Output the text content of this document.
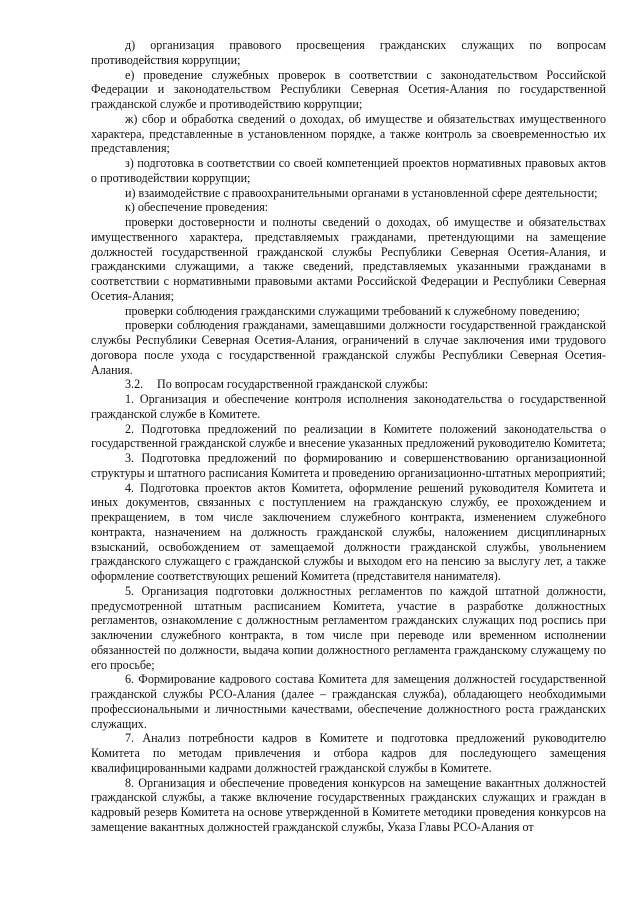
д) организация правового просвещения гражданских служащих по вопросам противодействия коррупции;

е) проведение служебных проверок в соответствии с законодательством Российской Федерации и законодательством Республики Северная Осетия-Алания по государственной гражданской службе и противодействию коррупции;

ж) сбор и обработка сведений о доходах, об имуществе и обязательствах имущественного характера, представленные в установленном порядке, а также контроль за своевременностью их представления;

з) подготовка в соответствии со своей компетенцией проектов нормативных правовых актов о противодействии коррупции;

и) взаимодействие с правоохранительными органами в установленной сфере деятельности;

к) обеспечение проведения:

проверки достоверности и полноты сведений о доходах, об имуществе и обязательствах имущественного характера, представляемых гражданами, претендующими на замещение должностей государственной гражданской службы Республики Северная Осетия-Алания, и гражданскими служащими, а также сведений, представляемых указанными гражданами в соответствии с нормативными правовыми актами Российской Федерации и Республики Северная Осетия-Алания;

проверки соблюдения гражданскими служащими требований к служебному поведению;

проверки соблюдения гражданами, замещавшими должности государственной гражданской службы Республики Северная Осетия-Алания, ограничений в случае заключения ими трудового договора после ухода с государственной гражданской службы Республики Северная Осетия-Алания.

3.2. По вопросам государственной гражданской службы:

1. Организация и обеспечение контроля исполнения законодательства о государственной гражданской службе в Комитете.

2. Подготовка предложений по реализации в Комитете положений законодательства о государственной гражданской службе и внесение указанных предложений руководителю Комитета;

3. Подготовка предложений по формированию и совершенствованию организационной структуры и штатного расписания Комитета и проведению организационно-штатных мероприятий;

4. Подготовка проектов актов Комитета, оформление решений руководителя Комитета и иных документов, связанных с поступлением на гражданскую службу, ее прохождением и прекращением, в том числе заключением служебного контракта, изменением служебного контракта, назначением на должность гражданской службы, наложением дисциплинарных взысканий, освобождением от замещаемой должности гражданской службы, увольнением гражданского служащего с гражданской службы и выходом его на пенсию за выслугу лет, а также оформление соответствующих решений Комитета (представителя нанимателя).

5. Организация подготовки должностных регламентов по каждой штатной должности, предусмотренной штатным расписанием Комитета, участие в разработке должностных регламентов, ознакомление с должностным регламентом гражданских служащих под роспись при заключении служебного контракта, в том числе при переводе или временном исполнении обязанностей по должности, выдача копии должностного регламента гражданскому служащему по его просьбе;

6. Формирование кадрового состава Комитета для замещения должностей государственной гражданской службы РСО-Алания (далее – гражданская служба), обладающего необходимыми профессиональными и личностными качествами, обеспечение должностного роста гражданских служащих.

7. Анализ потребности кадров в Комитете и подготовка предложений руководителю Комитета по методам привлечения и отбора кадров для последующего замещения квалифицированными кадрами должностей гражданской службы в Комитете.

8. Организация и обеспечение проведения конкурсов на замещение вакантных должностей гражданской службы, а также включение государственных гражданских служащих и граждан в кадровый резерв Комитета на основе утвержденной в Комитете методики проведения конкурсов на замещение вакантных должностей гражданской службы, Указа Главы РСО-Алания от
